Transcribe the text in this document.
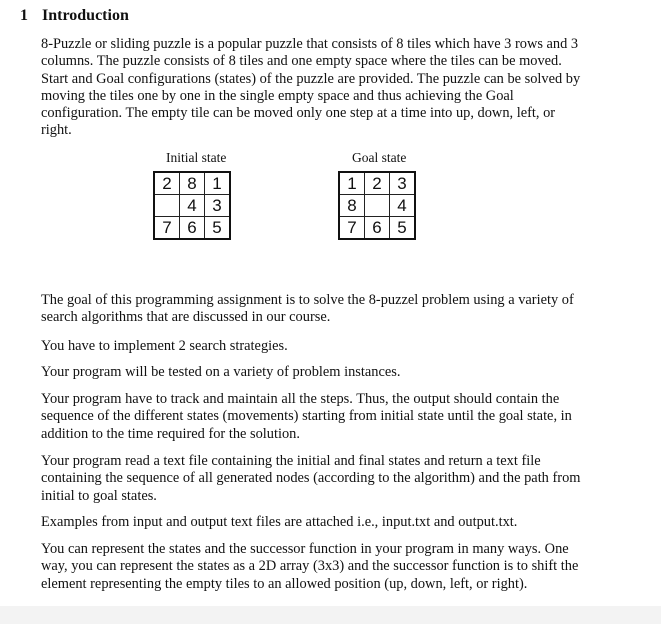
1 Introduction

8-Puzzle or sliding puzzle is a popular puzzle that consists of 8 tiles which have 3 rows and 3 columns. The puzzle consists of 8 tiles and one empty space where the tiles can be moved. Start and Goal configurations (states) of the puzzle are provided. The puzzle can be solved by moving the tiles one by one in the single empty space and thus achieving the Goal configuration. The empty tile can be moved only one step at a time into up, down, left, or right.

Initial state	Goal state
2	8	1
	4	3
7	6	5
1	2	3
8		4
7	6	5

The goal of this programming assignment is to solve the 8-puzzel problem using a variety of search algorithms that are discussed in our course.

You have to implement 2 search strategies.

Your program will be tested on a variety of problem instances.

Your program have to track and maintain all the steps. Thus, the output should contain the sequence of the different states (movements) starting from initial state until the goal state, in addition to the time required for the solution.

Your program read a text file containing the initial and final states and return a text file containing the sequence of all generated nodes (according to the algorithm) and the path from initial to goal states.

Examples from input and output text files are attached i.e., input.txt and output.txt.

You can represent the states and the successor function in your program in many ways. One way, you can represent the states as a 2D array (3x3) and the successor function is to shift the element representing the empty tiles to an allowed position (up, down, left, or right).
